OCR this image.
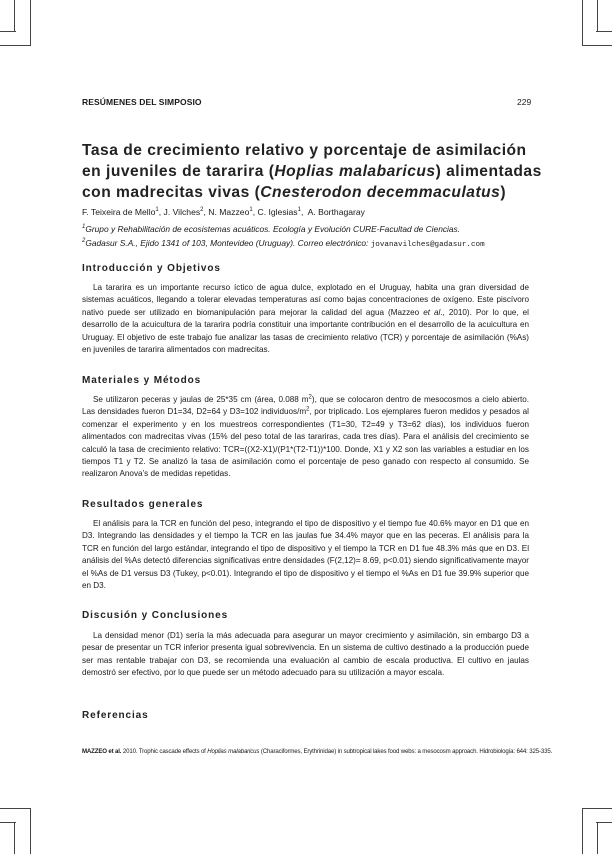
RESÚMENES DEL SIMPOSIO	229
Tasa de crecimiento relativo y porcentaje de asimilación en juveniles de tararira (Hoplias malabaricus) alimentadas con madrecitas vivas (Cnesterodon decemmaculatus)
F. Teixeira de Mello$^1$, J. Vilches$^2$, N. Mazzeo$^1$, C. Iglesias$^1$,  A. Borthagaray
$^1$Grupo y Rehabilitación de ecosistemas acuáticos. Ecología y Evolución CURE-Facultad de Ciencias.
$^2$Gadasur S.A., Ejido 1341 of 103, Montevideo (Uruguay). Correo electrónico: jovanavilches@gadasur.com
Introducción y Objetivos
La tararira es un importante recurso íctico de agua dulce, explotado en el Uruguay, habita una gran diversidad de sistemas acuáticos, llegando a tolerar elevadas temperaturas así como bajas concentraciones de oxígeno. Este piscívoro nativo puede ser utilizado en biomanipulación para mejorar la calidad del agua (Mazzeo et al., 2010). Por lo que, el desarrollo de la acuicultura de la tararira podría constituir una importante contribución en el desarrollo de la acuicultura en Uruguay. El objetivo de este trabajo fue analizar las tasas de crecimiento relativo (TCR) y porcentaje de asimilación (%As) en juveniles de tararira alimentados con madrecitas.
Materiales y Métodos
Se utilizaron peceras y jaulas de 25*35 cm (área, 0.088 $m^2$), que se colocaron dentro de mesocosmos a cielo abierto. Las densidades fueron D1=34, D2=64 y D3=102 individuos/$m^2$, por triplicado. Los ejemplares fueron medidos y pesados al comenzar el experimento y en los muestreos correspondientes (T1=30, T2=49 y T3=62 días), los individuos fueron alimentados con madrecitas vivas (15% del peso total de las tarariras, cada tres días). Para el análisis del crecimiento se calculó la tasa de crecimiento relativo: TCR=((X2-X1)/(P1*(T2-T1))*100. Donde, X1 y X2 son las variables a estudiar en los tiempos T1 y T2. Se analizó la tasa de asimilación como el porcentaje de peso ganado con respecto al consumido. Se realizaron Anova’s de medidas repetidas.
Resultados generales
El análisis para la TCR en función del peso, integrando el tipo de dispositivo y el tiempo fue 40.6% mayor en D1 que en D3. Integrando las densidades y el tiempo la TCR en las jaulas fue 34.4% mayor que en las peceras. El análisis para la TCR en función del largo estándar, integrando el tipo de dispositivo y el tiempo la TCR en D1 fue 48.3% más que en D3. El análisis del %As detectó diferencias significativas entre densidades (F(2,12)= 8.69, p<0.01) siendo significativamente mayor el %As de D1 versus D3 (Tukey, p<0.01). Integrando el tipo de dispositivo y el tiempo el %As en D1 fue 39.9% superior que en D3.
Discusión y Conclusiones
La densidad menor (D1) sería la más adecuada para asegurar un mayor crecimiento y asimilación, sin embargo D3 a pesar de presentar un TCR inferior presenta igual sobrevivencia. En un sistema de cultivo destinado a la producción puede ser mas rentable trabajar con D3, se recomienda una evaluación al cambio de escala productiva. El cultivo en jaulas demostró ser efectivo, por lo que puede ser un método adecuado para su utilización a mayor escala.
Referencias
MAZZEO et al. 2010. Trophic cascade effects of Hoplias malabaricus (Characiformes, Erythrinidae) in subtropical lakes food webs: a mesocosm approach. Hidrobiología: 644: 325-335.
